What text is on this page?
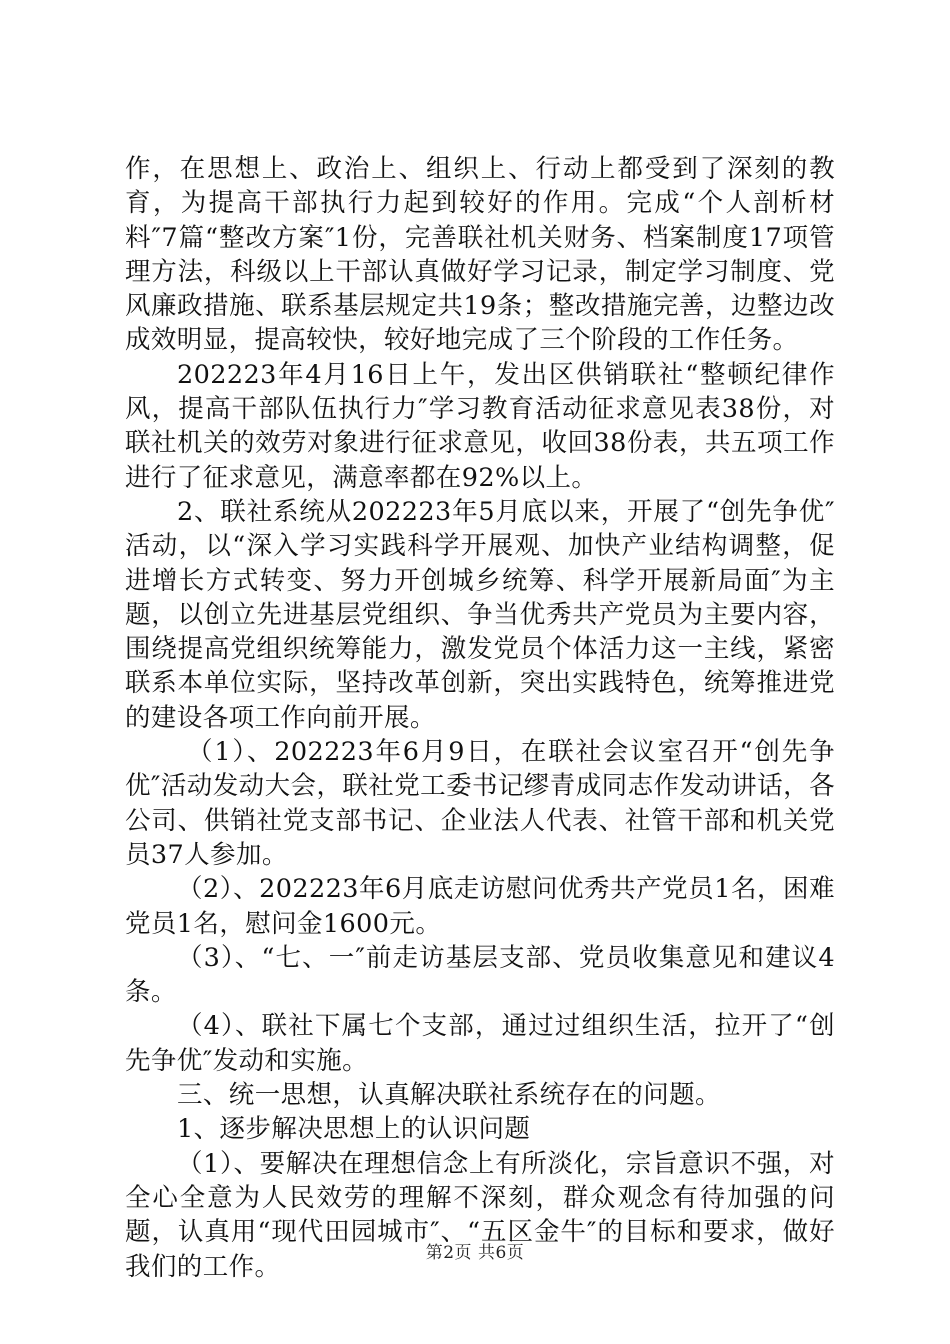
作，在思想上、政治上、组织上、行动上都受到了深刻的教育，为提高干部执行力起到较好的作用。完成“个人剖析材料″7篇“整改方案″1份，完善联社机关财务、档案制度17项管理方法，科级以上干部认真做好学习记录，制定学习制度、党风廉政措施、联系基层规定共19条；整改措施完善，边整边改成效明显，提高较快，较好地完成了三个阶段的工作任务。

202223年4月16日上午，发出区供销联社“整顿纪律作风，提高干部队伍执行力″学习教育活动征求意见表38份，对联社机关的效劳对象进行征求意见，收回38份表，共五项工作进行了征求意见，满意率都在92%以上。

2、联社系统从202223年5月底以来，开展了“创先争优″活动，以“深入学习实践科学开展观、加快产业结构调整，促进增长方式转变、努力开创城乡统筹、科学开展新局面″为主题，以创立先进基层党组织、争当优秀共产党员为主要内容，围绕提高党组织统筹能力，激发党员个体活力这一主线，紧密联系本单位实际，坚持改革创新，突出实践特色，统筹推进党的建设各项工作向前开展。

（1）、202223年6月9日，在联社会议室召开“创先争优″活动发动大会，联社党工委书记缪青成同志作发动讲话，各公司、供销社党支部书记、企业法人代表、社管干部和机关党员37人参加。

（2）、202223年6月底走访慰问优秀共产党员1名，困难党员1名，慰问金1600元。

（3）、“七、一″前走访基层支部、党员收集意见和建议4条。

（4）、联社下属七个支部，通过过组织生活，拉开了“创先争优″发动和实施。

三、统一思想，认真解决联社系统存在的问题。

1、逐步解决思想上的认识问题

（1）、要解决在理想信念上有所淡化，宗旨意识不强，对全心全意为人民效劳的理解不深刻，群众观念有待加强的问题，认真用“现代田园城市″、“五区金牛″的目标和要求，做好我们的工作。	第2页 共6页
